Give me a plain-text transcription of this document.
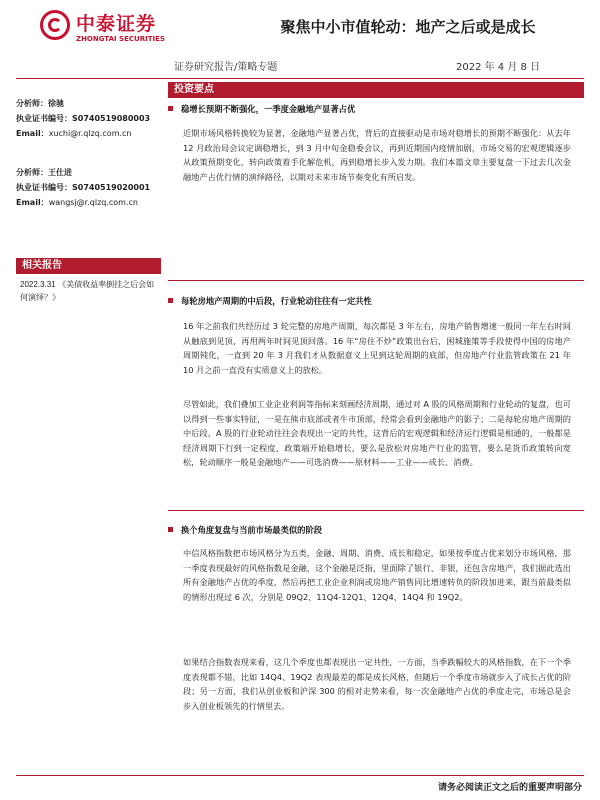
中泰证券
ZHONGTAI SECURITIES
聚焦中小市值轮动：地产之后或是成长
证券研究报告/策略专题	2022 年 4 月 8 日
分析师：徐驰
执业证书编号：S0740519080003
Email：xuchi@r.qlzq.com.cn
分析师：王仕进
执业证书编号：S0740519020001
Email：wangsj@r.qlzq.com.cn
相关报告
2022.3.31 《美债收益率倒挂之后会如何演绎？》
投资要点
稳增长预期不断强化，一季度金融地产显著占优

近期市场风格转换较为显著，金融地产显著占优，背后的直接驱动是市场对稳增长的预期不断强化：从去年 12 月政治局会议定调稳增长，到 3 月中旬金稳委会议，再到近期国内疫情加剧，市场交易的宏观逻辑逐步从政策预期变化，转向政策着手化解危机，再到稳增长步入发力期。我们本篇文章主要复盘一下过去几次金融地产占优行情的演绎路径，以期对未来市场节奏变化有所启发。

每轮房地产周期的中后段，行业轮动往往有一定共性

16 年之前我们共经历过 3 轮完整的房地产周期，每次都是 3 年左右，房地产销售增速一般同一年左右时间从触底到见顶，再用两年时间见顶回落。16 年“房住不炒”政策出台后，困城施策等手段使得中国的房地产周期钝化，一直到 20 年 3 月我们才从数据意义上见到这轮周期的底部，但房地产行业监管政策在 21 年 10 月之前一直没有实质意义上的放松。

尽管如此，我们叠加工业企业利润等指标来刻画经济周期，通过对 A 股的风格周期和行业轮动的复盘，也可以得到一些事实特征，一是在熊市底部或者牛市顶部，经常会看到金融地产的影子；二是每轮房地产周期的中后段，A 股的行业轮动往往会表现出一定的共性，这背后的宏观逻辑和经济运行逻辑是相通的，一般都是经济周期下行到一定程度，政策端开始稳增长，要么是放松对房地产行业的监管，要么是货币政策转向宽松，轮动顺序一般是金融地产——可选消费——原材料——工业——成长、消费。

换个角度复盘与当前市场最类似的阶段

中信风格指数把市场风格分为五类，金融、周期、消费、成长和稳定，如果按季度占优来划分市场风格，那一季度表现最好的风格指数是金融，这个金融是泛指，里面除了银行、非银，还包含房地产，我们据此选出所有金融地产占优的季度，然后再把工业企业利润或房地产销售同比增速转负的阶段加进来，跟当前最类似的情形出现过 6 次，分别是 09Q2、11Q4-12Q1、12Q4、14Q4 和 19Q2。

如果结合指数表现来看，这几个季度也都表现出一定共性，一方面，当季跌幅较大的风格指数，在下一个季度表现都不错，比如 14Q4、19Q2 表现最差的都是成长风格，但随后一个季度市场就步入了成长占优的阶段；另一方面，我们从创业板和沪深 300 的相对走势来看，每一次金融地产占优的季度走完，市场总是会步入创业板领先的行情里去。

请务必阅读正文之后的重要声明部分
